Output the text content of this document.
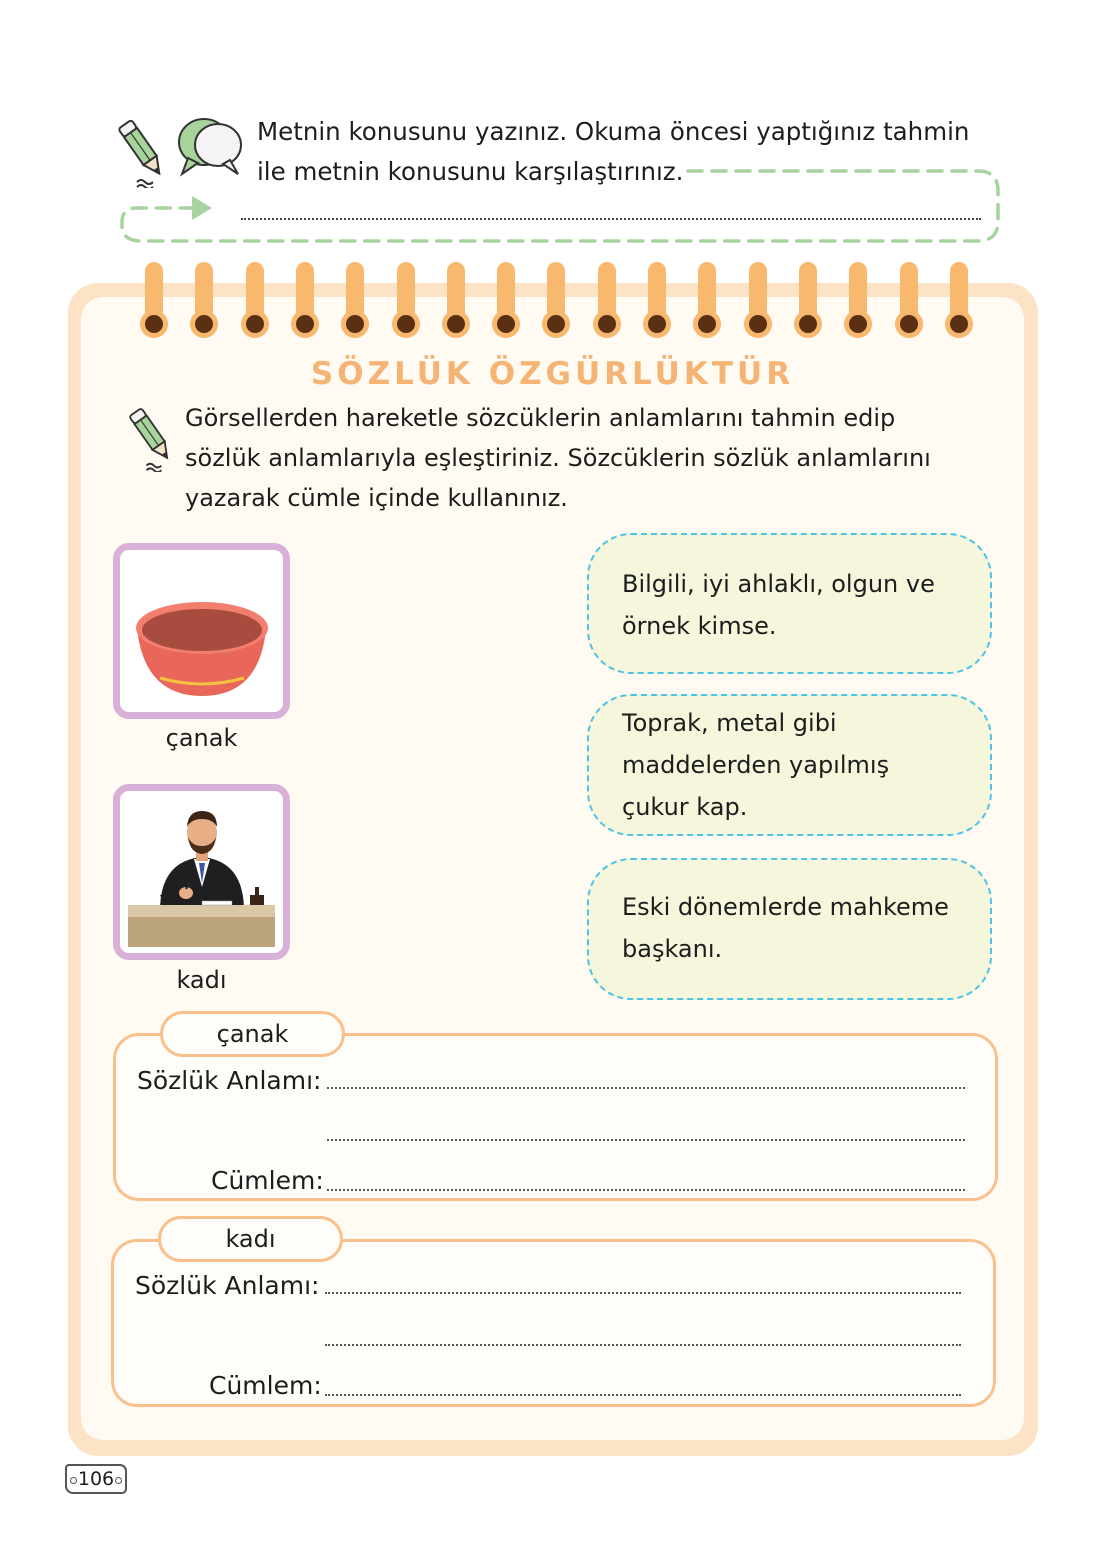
Metnin konusunu yazınız. Okuma öncesi yaptığınız tahmin
ile metnin konusunu karşılaştırınız.
SÖZLÜK ÖZGÜRLÜKTÜR
Görsellerden hareketle sözcüklerin anlamlarını tahmin edip
sözlük anlamlarıyla eşleştiriniz. Sözcüklerin sözlük anlamlarını
yazarak cümle içinde kullanınız.
çanak
kadı
Bilgili, iyi ahlaklı, olgun ve
örnek kimse.
Toprak, metal gibi
maddelerden yapılmış
çukur kap.
Eski dönemlerde mahkeme
başkanı.
çanak
Sözlük Anlamı:
Cümlem:
kadı
Sözlük Anlamı:
Cümlem:
106
